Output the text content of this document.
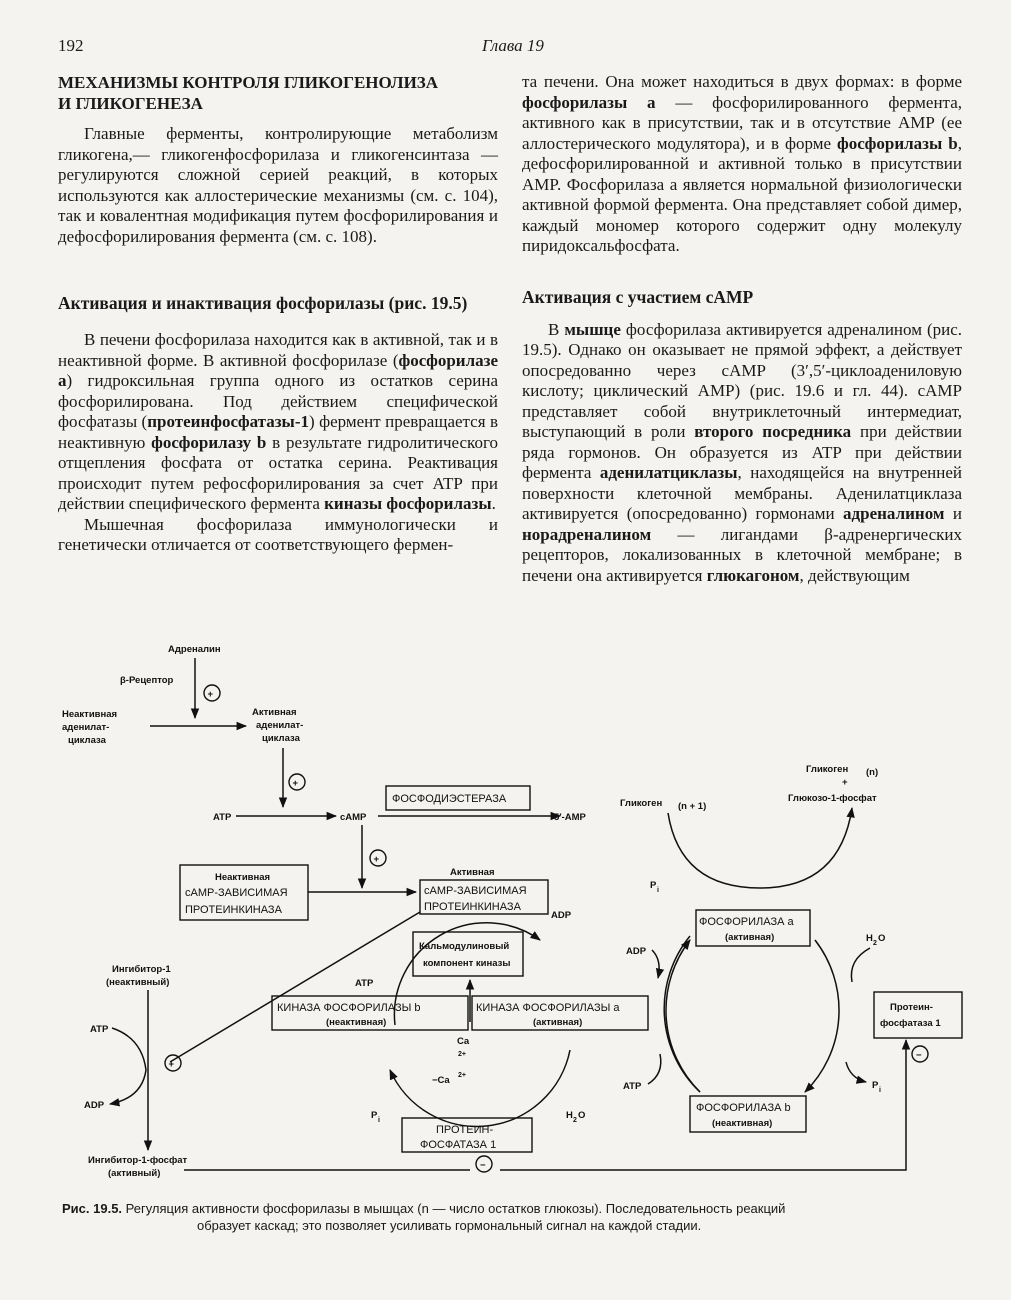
192	Глава 19
МЕХАНИЗМЫ КОНТРОЛЯ ГЛИКОГЕНОЛИЗА
И ГЛИКОГЕНЕЗА

Главные ферменты, контролирующие метаболизм гликогена,— гликогенфосфорилаза и гликогенсинтаза — регулируются сложной серией реакций, в которых используются как аллостерические механизмы (см. с. 104), так и ковалентная модификация путем фосфорилирования и дефосфорилирования фермента (см. с. 108).

Активация и инактивация фосфорилазы (рис. 19.5)

В печени фосфорилаза находится как в активной, так и в неактивной форме. В активной фосфорилазе (фосфорилазе a) гидроксильная группа одного из остатков серина фосфорилирована. Под действием специфической фосфатазы (протеинфосфатазы-1) фермент превращается в неактивную фосфорилазу b в результате гидролитического отщепления фосфата от остатка серина. Реактивация происходит путем рефосфорилирования за счет ATP при действии специфического фермента киназы фосфорилазы.

Мышечная фосфорилаза иммунологически и генетически отличается от соответствующего фермен-

та печени. Она может находиться в двух формах: в форме фосфорилазы a — фосфорилированного фермента, активного как в присутствии, так и в отсутствие AMP (ее аллостерического модулятора), и в форме фосфорилазы b, дефосфорилированной и активной только в присутствии AMP. Фосфорилаза a является нормальной физиологически активной формой фермента. Она представляет собой димер, каждый мономер которого содержит одну молекулу пиридоксальфосфата.

Активация с участием cAMP

В мышце фосфорилаза активируется адреналином (рис. 19.5). Однако он оказывает не прямой эффект, а действует опосредованно через cAMP (3′,5′-циклоадениловую кислоту; циклический AMP) (рис. 19.6 и гл. 44). cAMP представляет собой внутриклеточный интермедиат, выступающий в роли второго посредника при действии ряда гормонов. Он образуется из ATP при действии фермента аденилатциклазы, находящейся на внутренней поверхности клеточной мембраны. Аденилатциклаза активируется (опосредованно) гормонами адреналином и норадреналином — лигандами β-адренергических рецепторов, локализованных в клеточной мембране; в печени она активируется глюкагоном, действующим

Адреналин
β-Рецептор
+
Неактивная
аденилат-
циклаза
Активная
аденилат-
циклаза
+
ATP	cAMP
ФОСФОДИЭСТЕРАЗА
5′-AMP
+
Неактивная
cAMP-ЗАВИСИМАЯ
ПРОТЕИНКИНАЗА
Активная
cAMP-ЗАВИСИМАЯ
ПРОТЕИНКИНАЗА
ADP
Ингибитор-1
(неактивный)
+
ATP
ADP
Ингибитор-1-фосфат
(активный)
−
ATP
Кальмодулиновый
компонент киназы
КИНАЗА ФОСФОРИЛАЗЫ b
(неактивная)
КИНАЗА ФОСФОРИЛАЗЫ a
(активная)
Ca
2+
−Ca 2+
P i	H 2 O
ПРОТЕИН-
ФОСФАТАЗА 1
Гликоген (n + 1)
Гликоген (n)
+
Глюкозо-1-фосфат
P i
ФОСФОРИЛАЗА a
(активная)
ADP
ATP
H 2 O
P i
Протеин-
фосфатаза 1
−
ФОСФОРИЛАЗА b
(неактивная)
Рис. 19.5. Регуляция активности фосфорилазы в мышцах (n — число остатков глюкозы). Последовательность реакций
образует каскад; это позволяет усиливать гормональный сигнал на каждой стадии.
